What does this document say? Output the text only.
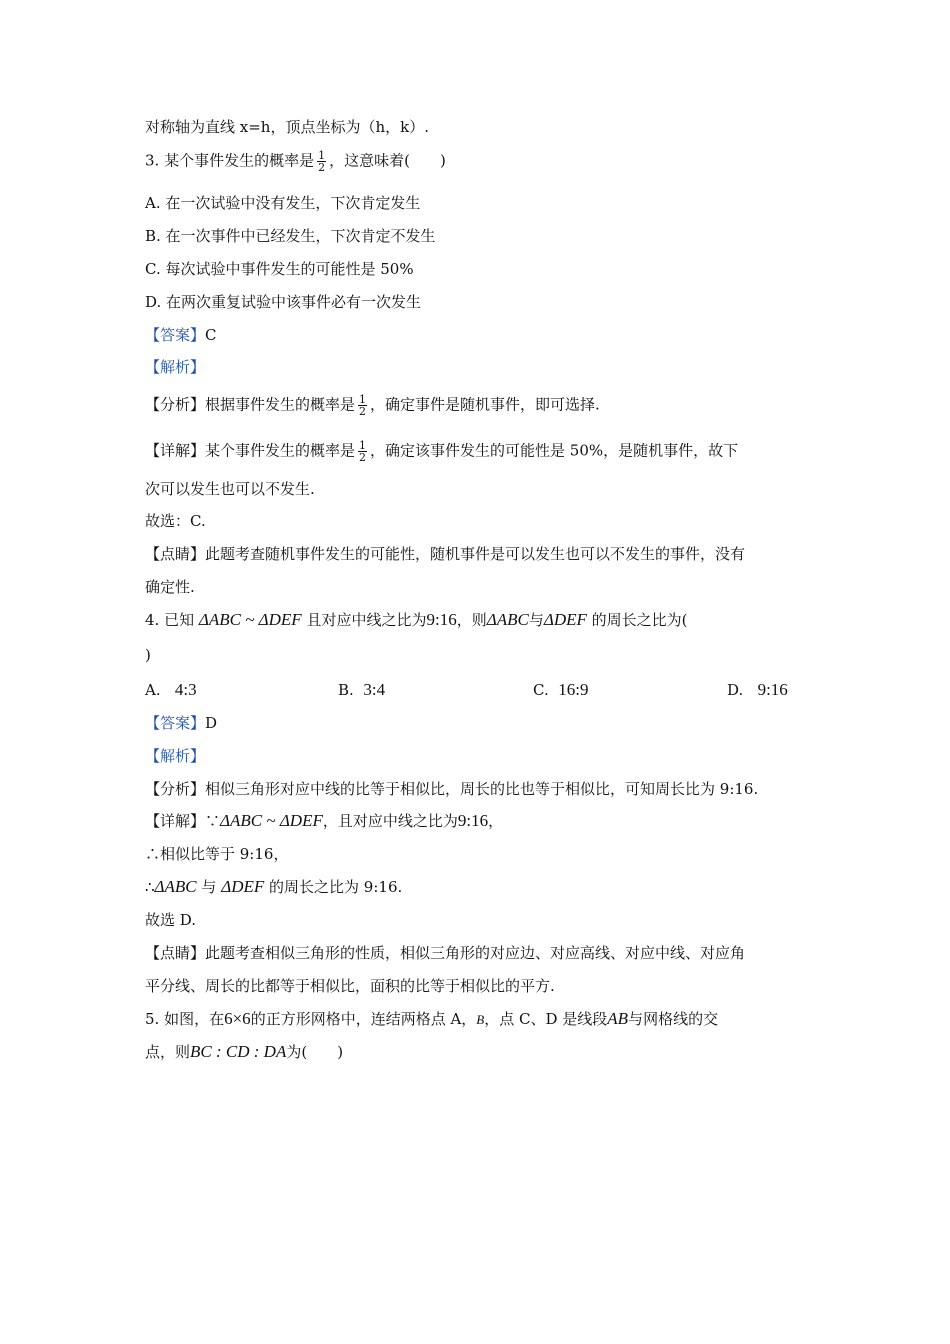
对称轴为直线 x=h，顶点坐标为（h，k）.
3. 某个事件发生的概率是 $\frac{1}{2}$ ，这意味着(　　)
A. 在一次试验中没有发生，下次肯定发生
B. 在一次事件中已经发生，下次肯定不发生
C. 每次试验中事件发生的可能性是 50%
D. 在两次重复试验中该事件必有一次发生
【答案】C
【解析】
【分析】根据事件发生的概率是 $\frac{1}{2}$ ，确定事件是随机事件，即可选择.
【详解】某个事件发生的概率是 $\frac{1}{2}$ ，确定该事件发生的可能性是 50%，是随机事件，故下
次可以发生也可以不发生.
故选：C.
【点睛】此题考查随机事件发生的可能性，随机事件是可以发生也可以不发生的事件，没有
确定性.
4. 已知 ΔABC ~ ΔDEF 且对应中线之比为9:16，则ΔABC与ΔDEF 的周长之比为(
)
A. 4:3	B. 3:4	C. 16:9	D. 9:16
【答案】D
【解析】
【分析】相似三角形对应中线的比等于相似比，周长的比也等于相似比，可知周长比为 9:16.
【详解】∵ΔABC ~ ΔDEF，且对应中线之比为9:16，
∴相似比等于 9:16，
∴ΔABC 与 ΔDEF 的周长之比为 9:16.
故选 D.
【点睛】此题考查相似三角形的性质，相似三角形的对应边、对应高线、对应中线、对应角
平分线、周长的比都等于相似比，面积的比等于相似比的平方.
5. 如图，在6×6的正方形网格中，连结两格点 A，B，点 C、D 是线段AB与网格线的交
点，则BC : CD : DA为(　　)
